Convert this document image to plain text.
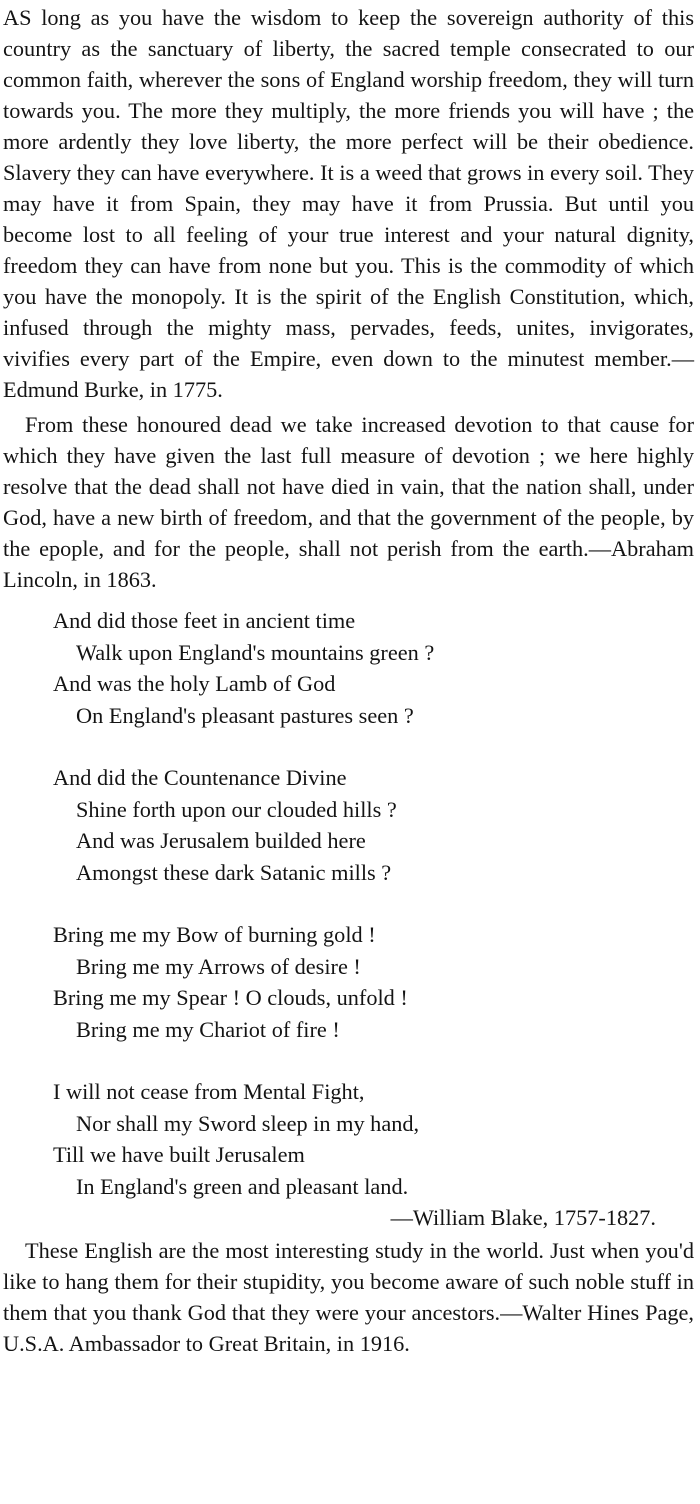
AS long as you have the wisdom to keep the sovereign authority of this country as the sanctuary of liberty, the sacred temple consecrated to our common faith, wherever the sons of England worship freedom, they will turn towards you. The more they multiply, the more friends you will have ; the more ardently they love liberty, the more perfect will be their obedience. Slavery they can have everywhere. It is a weed that grows in every soil. They may have it from Spain, they may have it from Prussia. But until you become lost to all feeling of your true interest and your natural dignity, freedom they can have from none but you. This is the commodity of which you have the monopoly. It is the spirit of the English Constitution, which, infused through the mighty mass, pervades, feeds, unites, invigorates, vivifies every part of the Empire, even down to the minutest member.—Edmund Burke, in 1775.

From these honoured dead we take increased devotion to that cause for which they have given the last full measure of devotion ; we here highly resolve that the dead shall not have died in vain, that the nation shall, under God, have a new birth of freedom, and that the government of the people, by the epople, and for the people, shall not perish from the earth.—Abraham Lincoln, in 1863.

And did those feet in ancient time
Walk upon England's mountains green ?
And was the holy Lamb of God
On England's pleasant pastures seen ?
And did the Countenance Divine
Shine forth upon our clouded hills ?
And was Jerusalem builded here
Amongst these dark Satanic mills ?
Bring me my Bow of burning gold !
Bring me my Arrows of desire !
Bring me my Spear ! O clouds, unfold !
Bring me my Chariot of fire !
I will not cease from Mental Fight,
Nor shall my Sword sleep in my hand,
Till we have built Jerusalem
In England's green and pleasant land.
—William Blake, 1757-1827.

These English are the most interesting study in the world. Just when you'd like to hang them for their stupidity, you become aware of such noble stuff in them that you thank God that they were your ancestors.—Walter Hines Page, U.S.A. Ambassador to Great Britain, in 1916.
